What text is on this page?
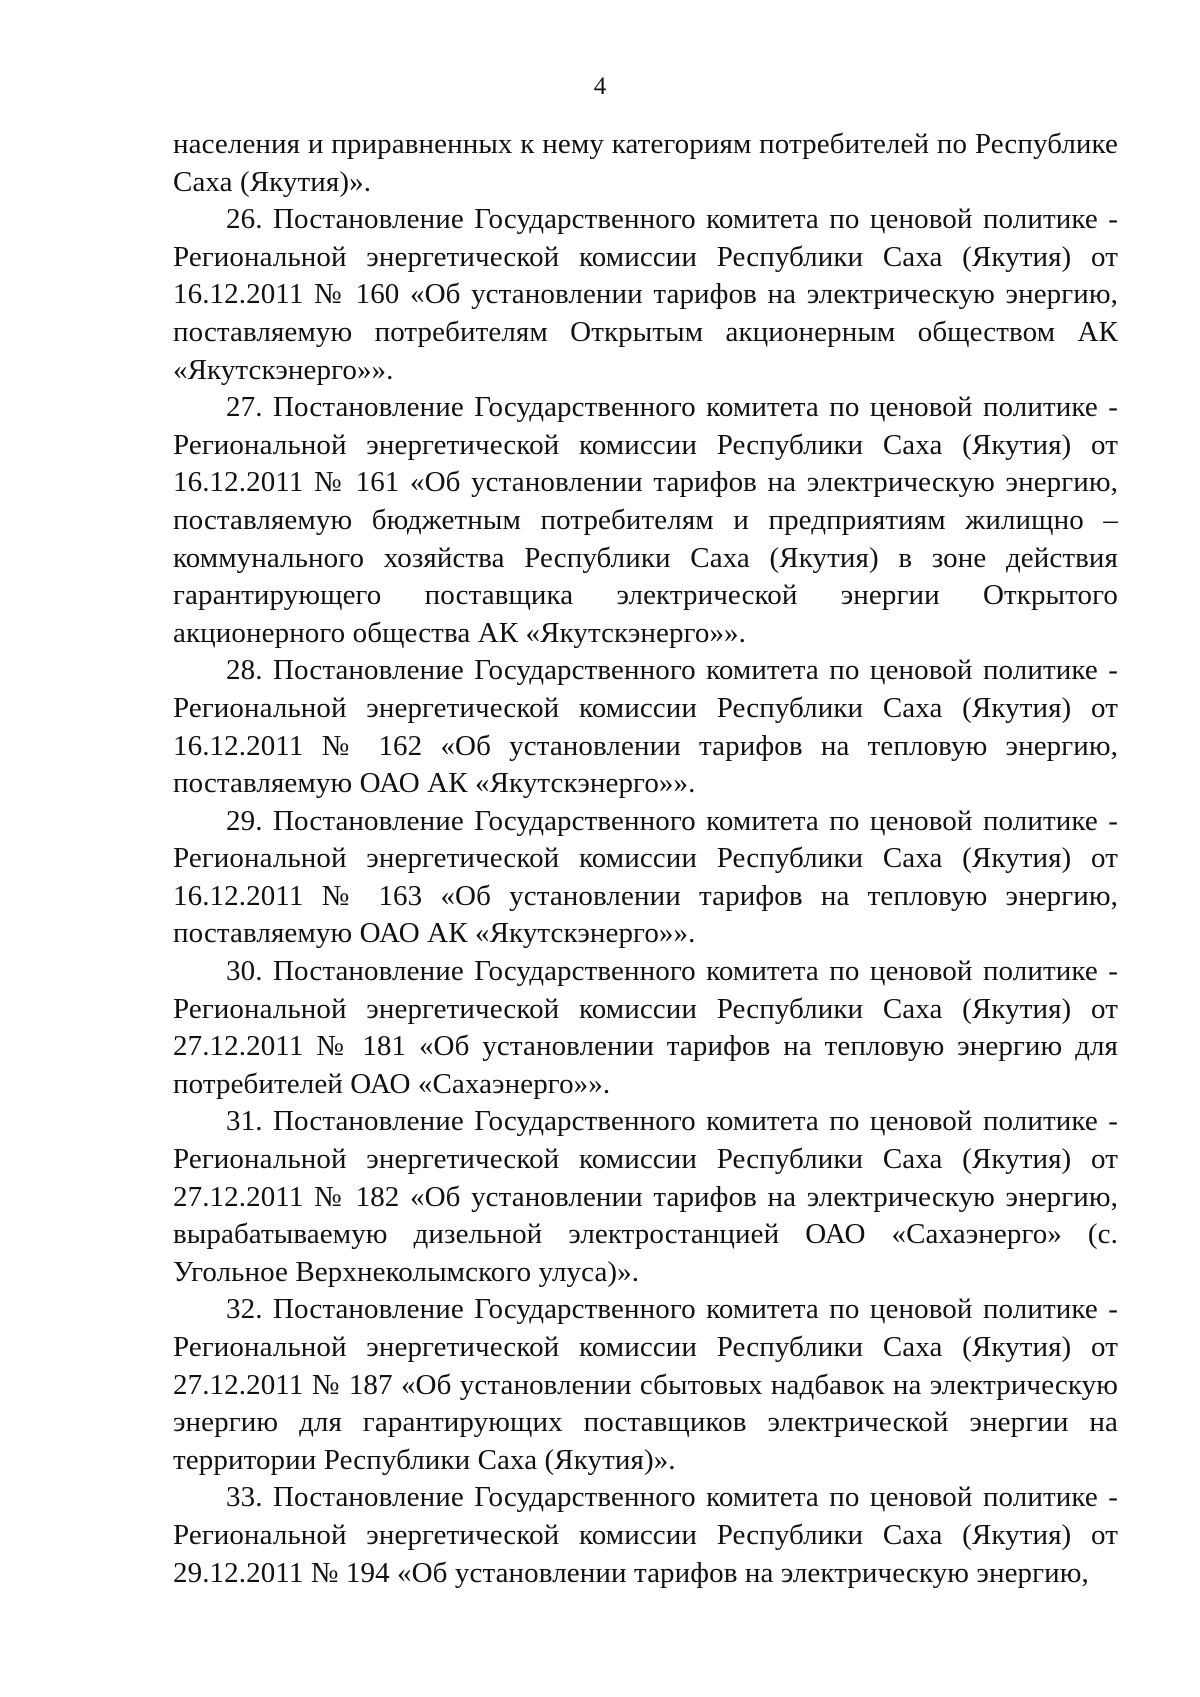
4

населения и приравненных к нему категориям потребителей по Республике Саха (Якутия)».

26. Постановление Государственного комитета по ценовой политике - Региональной энергетической комиссии Республики Саха (Якутия) от 16.12.2011 № 160 «Об установлении тарифов на электрическую энергию, поставляемую потребителям Открытым акционерным обществом АК «Якутскэнерго»».

27. Постановление Государственного комитета по ценовой политике - Региональной энергетической комиссии Республики Саха (Якутия) от 16.12.2011 № 161 «Об установлении тарифов на электрическую энергию, поставляемую бюджетным потребителям и предприятиям жилищно – коммунального хозяйства Республики Саха (Якутия) в зоне действия гарантирующего поставщика электрической энергии Открытого акционерного общества АК «Якутскэнерго»».

28. Постановление Государственного комитета по ценовой политике - Региональной энергетической комиссии Республики Саха (Якутия) от 16.12.2011 № 162 «Об установлении тарифов на тепловую энергию, поставляемую ОАО АК «Якутскэнерго»».

29. Постановление Государственного комитета по ценовой политике - Региональной энергетической комиссии Республики Саха (Якутия) от 16.12.2011 № 163 «Об установлении тарифов на тепловую энергию, поставляемую ОАО АК «Якутскэнерго»».

30. Постановление Государственного комитета по ценовой политике - Региональной энергетической комиссии Республики Саха (Якутия) от 27.12.2011 № 181 «Об установлении тарифов на тепловую энергию для потребителей ОАО «Сахаэнерго»».

31. Постановление Государственного комитета по ценовой политике - Региональной энергетической комиссии Республики Саха (Якутия) от 27.12.2011 № 182 «Об установлении тарифов на электрическую энергию, вырабатываемую дизельной электростанцией ОАО «Сахаэнерго» (с. Угольное Верхнеколымского улуса)».

32. Постановление Государственного комитета по ценовой политике - Региональной энергетической комиссии Республики Саха (Якутия) от 27.12.2011 № 187 «Об установлении сбытовых надбавок на электрическую энергию для гарантирующих поставщиков электрической энергии на территории Республики Саха (Якутия)».

33. Постановление Государственного комитета по ценовой политике - Региональной энергетической комиссии Республики Саха (Якутия) от 29.12.2011 № 194 «Об установлении тарифов на электрическую энергию,
